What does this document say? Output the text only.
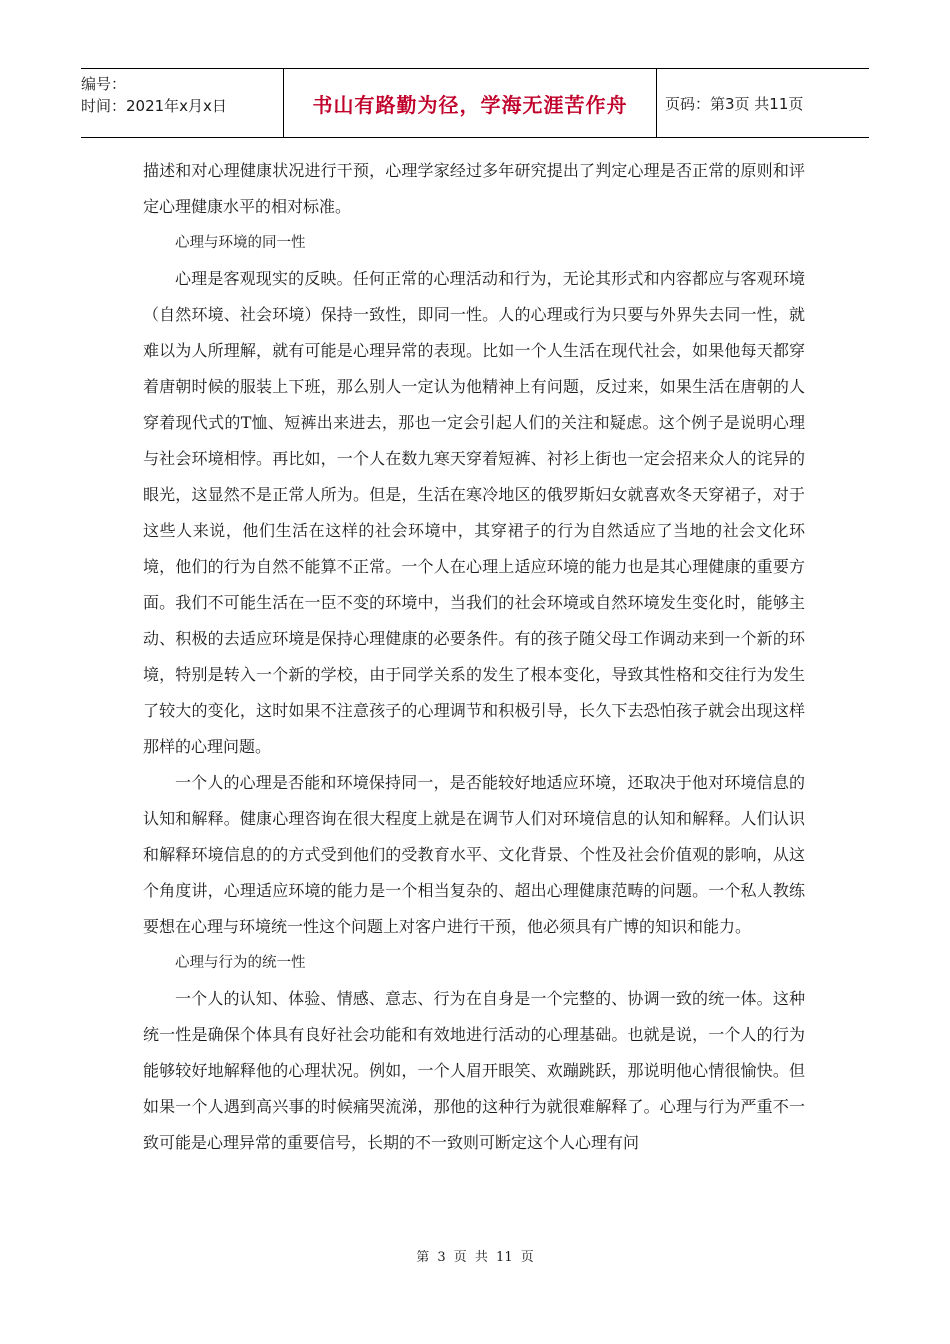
编号：
时间：2021年x月x日	书山有路勤为径，学海无涯苦作舟	页码：第3页 共11页

描述和对心理健康状况进行干预，心理学家经过多年研究提出了判定心理是否正常的原则和评定心理健康水平的相对标准。

心理与环境的同一性

心理是客观现实的反映。任何正常的心理活动和行为，无论其形式和内容都应与客观环境（自然环境、社会环境）保持一致性，即同一性。人的心理或行为只要与外界失去同一性，就难以为人所理解，就有可能是心理异常的表现。比如一个人生活在现代社会，如果他每天都穿着唐朝时候的服装上下班，那么别人一定认为他精神上有问题，反过来，如果生活在唐朝的人穿着现代式的T恤、短裤出来进去，那也一定会引起人们的关注和疑虑。这个例子是说明心理与社会环境相悖。再比如，一个人在数九寒天穿着短裤、衬衫上街也一定会招来众人的诧异的眼光，这显然不是正常人所为。但是，生活在寒冷地区的俄罗斯妇女就喜欢冬天穿裙子，对于这些人来说，他们生活在这样的社会环境中，其穿裙子的行为自然适应了当地的社会文化环境，他们的行为自然不能算不正常。一个人在心理上适应环境的能力也是其心理健康的重要方面。我们不可能生活在一臣不变的环境中，当我们的社会环境或自然环境发生变化时，能够主动、积极的去适应环境是保持心理健康的必要条件。有的孩子随父母工作调动来到一个新的环境，特别是转入一个新的学校，由于同学关系的发生了根本变化，导致其性格和交往行为发生了较大的变化，这时如果不注意孩子的心理调节和积极引导，长久下去恐怕孩子就会出现这样那样的心理问题。

一个人的心理是否能和环境保持同一，是否能较好地适应环境，还取决于他对环境信息的认知和解释。健康心理咨询在很大程度上就是在调节人们对环境信息的认知和解释。人们认识和解释环境信息的的方式受到他们的受教育水平、文化背景、个性及社会价值观的影响，从这个角度讲，心理适应环境的能力是一个相当复杂的、超出心理健康范畴的问题。一个私人教练要想在心理与环境统一性这个问题上对客户进行干预，他必须具有广博的知识和能力。

心理与行为的统一性

一个人的认知、体验、情感、意志、行为在自身是一个完整的、协调一致的统一体。这种统一性是确保个体具有良好社会功能和有效地进行活动的心理基础。也就是说，一个人的行为能够较好地解释他的心理状况。例如，一个人眉开眼笑、欢蹦跳跃，那说明他心情很愉快。但如果一个人遇到高兴事的时候痛哭流涕，那他的这种行为就很难解释了。心理与行为严重不一致可能是心理异常的重要信号，长期的不一致则可断定这个人心理有问

第 3 页 共 11 页
